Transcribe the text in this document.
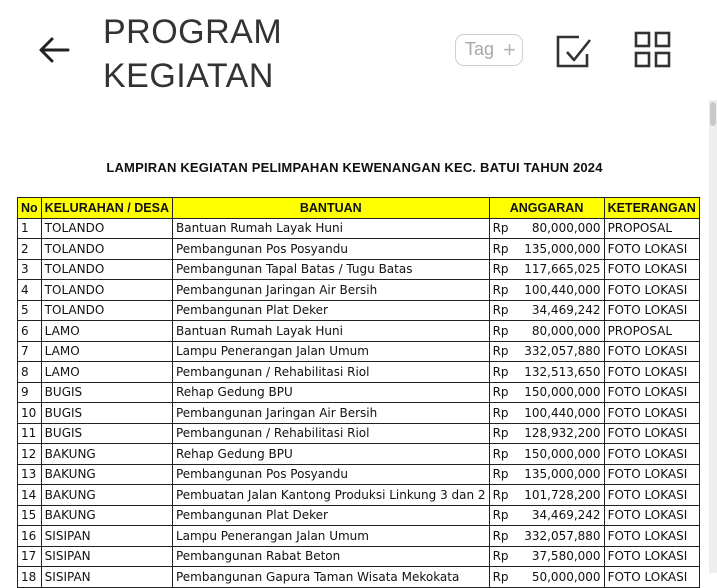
PROGRAM KEGIATAN

Tag +
LAMPIRAN KEGIATAN PELIMPAHAN KEWENANGAN KEC. BATUI TAHUN 2024
No	KELURAHAN / DESA	BANTUAN	ANGGARAN		KETERANGAN
1	TOLANDO	Bantuan Rumah Layak Huni	Rp	80,000,000	PROPOSAL
2	TOLANDO	Pembangunan Pos Posyandu	Rp	135,000,000	FOTO LOKASI
3	TOLANDO	Pembangunan Tapal Batas / Tugu Batas	Rp	117,665,025	FOTO LOKASI
4	TOLANDO	Pembangunan Jaringan Air Bersih	Rp	100,440,000	FOTO LOKASI
5	TOLANDO	Pembangunan Plat Deker	Rp	34,469,242	FOTO LOKASI
6	LAMO	Bantuan Rumah Layak Huni	Rp	80,000,000	PROPOSAL
7	LAMO	Lampu Penerangan Jalan Umum	Rp	332,057,880	FOTO LOKASI
8	LAMO	Pembangunan / Rehabilitasi Riol	Rp	132,513,650	FOTO LOKASI
9	BUGIS	Rehap Gedung BPU	Rp	150,000,000	FOTO LOKASI
10	BUGIS	Pembangunan Jaringan Air Bersih	Rp	100,440,000	FOTO LOKASI
11	BUGIS	Pembangunan / Rehabilitasi Riol	Rp	128,932,200	FOTO LOKASI
12	BAKUNG	Rehap Gedung BPU	Rp	150,000,000	FOTO LOKASI
13	BAKUNG	Pembangunan Pos Posyandu	Rp	135,000,000	FOTO LOKASI
14	BAKUNG	Pembuatan Jalan Kantong Produksi Linkung 3 dan 2	Rp	101,728,200	FOTO LOKASI
15	BAKUNG	Pembangunan Plat Deker	Rp	34,469,242	FOTO LOKASI
16	SISIPAN	Lampu Penerangan Jalan Umum	Rp	332,057,880	FOTO LOKASI
17	SISIPAN	Pembangunan Rabat Beton	Rp	37,580,000	FOTO LOKASI
18	SISIPAN	Pembangunan Gapura Taman Wisata Mekokata	Rp	50,000,000	FOTO LOKASI
